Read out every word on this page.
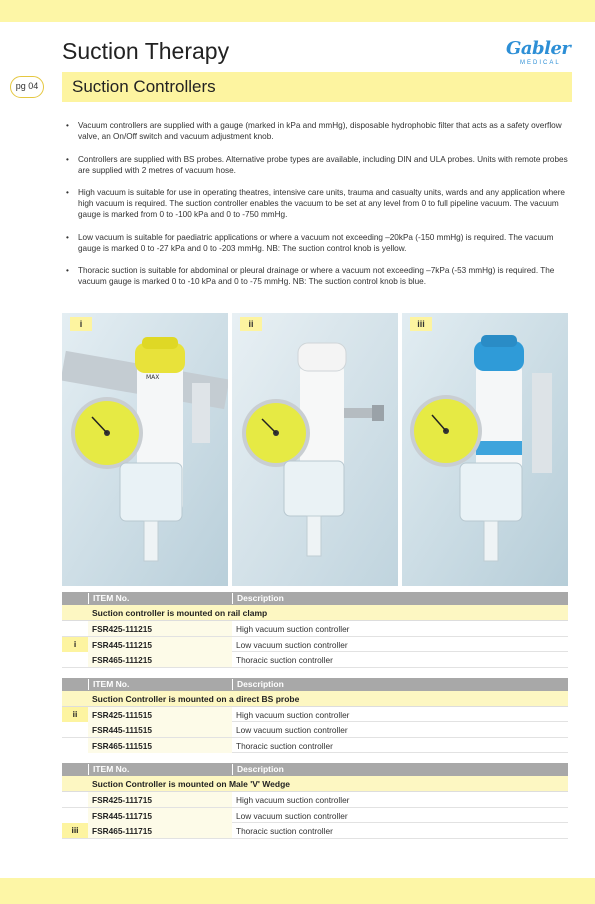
Suction Therapy	Gabler
MEDICAL
pg 04	Suction Controllers
• Vacuum controllers are supplied with a gauge (marked in kPa and mmHg), disposable hydrophobic filter that acts as a safety overflow valve, an On/Off switch and vacuum adjustment knob.
• Controllers are supplied with BS probes. Alternative probe types are available, including DIN and ULA probes. Units with remote probes are supplied with 2 metres of vacuum hose.
• High vacuum is suitable for use in operating theatres, intensive care units, trauma and casualty units, wards and any application where high vacuum is required. The suction controller enables the vacuum to be set at any level from 0 to full pipeline vacuum. The vacuum gauge is marked from 0 to -100 kPa and 0 to -750 mmHg.
• Low vacuum is suitable for paediatric applications or where a vacuum not exceeding –20kPa (-150 mmHg) is required. The vacuum gauge is marked 0 to -27 kPa and 0 to -203 mmHg. NB: The suction control knob is yellow.
• Thoracic suction is suitable for abdominal or pleural drainage or where a vacuum not exceeding –7kPa (-53 mmHg) is required. The vacuum gauge is marked 0 to -10 kPa and 0 to -75 mmHg. NB: The suction control knob is blue.
MAX
i	ii	iii
ITEM No.	Description
Suction controller is mounted on rail clamp
FSR425-111215	High vacuum suction controller
i	FSR445-111215	Low vacuum suction controller
FSR465-111215	Thoracic suction controller
ITEM No.	Description
Suction Controller is mounted on a direct BS probe
ii	FSR425-111515	High vacuum suction controller
FSR445-111515	Low vacuum suction controller
FSR465-111515	Thoracic suction controller
ITEM No.	Description
Suction Controller is mounted on Male 'V' Wedge
FSR425-111715	High vacuum suction controller
FSR445-111715	Low vacuum suction controller
iii	FSR465-111715	Thoracic suction controller
